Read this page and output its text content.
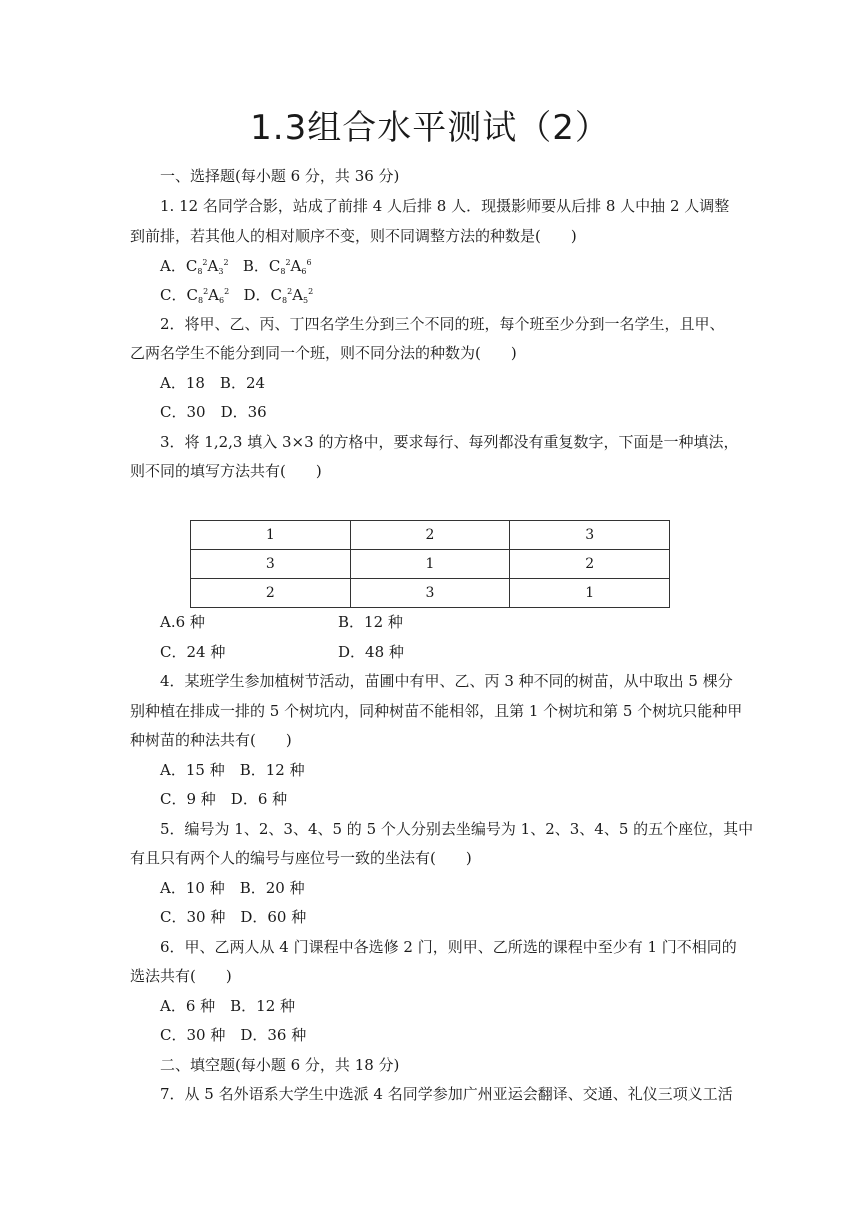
1.3组合水平测试（2）
一、选择题(每小题 6 分，共 36 分)
1. 12 名同学合影，站成了前排 4 人后排 8 人．现摄影师要从后排 8 人中抽 2 人调整
到前排，若其他人的相对顺序不变，则不同调整方法的种数是(　　)
A．$C_8^2A_3^2$ B．$C_8^2A_6^6$
C．$C_8^2A_6^2$ D．$C_8^2A_5^2$
2．将甲、乙、丙、丁四名学生分到三个不同的班，每个班至少分到一名学生，且甲、
乙两名学生不能分到同一个班，则不同分法的种数为(　　)
A．18　B．24
C．30　D．36
3．将 1,2,3 填入 3×3 的方格中，要求每行、每列都没有重复数字，下面是一种填法，
则不同的填写方法共有(　　)
1	2	3
3	1	2
2	3	1
A.6 种	B．12 种
C．24 种	D．48 种
4．某班学生参加植树节活动，苗圃中有甲、乙、丙 3 种不同的树苗，从中取出 5 棵分
别种植在排成一排的 5 个树坑内，同种树苗不能相邻，且第 1 个树坑和第 5 个树坑只能种甲
种树苗的种法共有(　　)
A．15 种　B．12 种
C．9 种　D．6 种
5．编号为 1、2、3、4、5 的 5 个人分别去坐编号为 1、2、3、4、5 的五个座位，其中
有且只有两个人的编号与座位号一致的坐法有(　　)
A．10 种　B．20 种
C．30 种　D．60 种
6．甲、乙两人从 4 门课程中各选修 2 门，则甲、乙所选的课程中至少有 1 门不相同的
选法共有(　　)
A．6 种　B．12 种
C．30 种　D．36 种
二、填空题(每小题 6 分，共 18 分)
7．从 5 名外语系大学生中选派 4 名同学参加广州亚运会翻译、交通、礼仪三项义工活
